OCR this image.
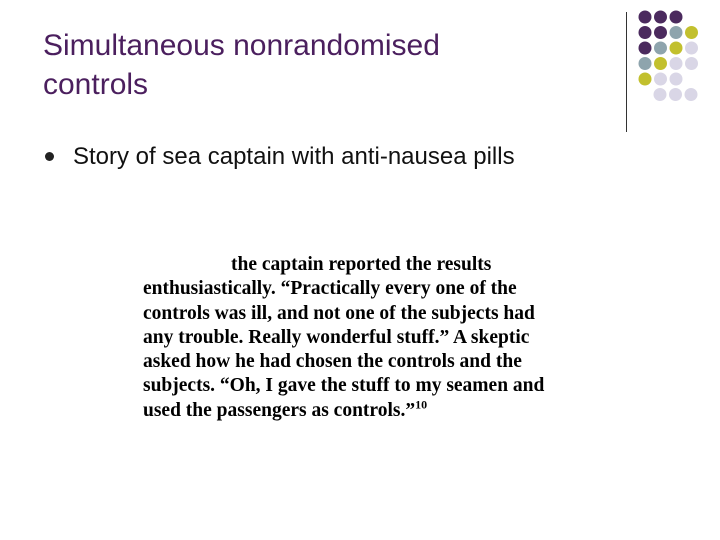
Simultaneous nonrandomised
controls
Story of sea captain with anti-nausea pills
the captain reported the results
enthusiastically. “Practically every one of the
controls was ill, and not one of the subjects had
any trouble. Really wonderful stuff.” A skeptic
asked how he had chosen the controls and the
subjects. “Oh, I gave the stuff to my seamen and
used the passengers as controls.”$^{10}$
